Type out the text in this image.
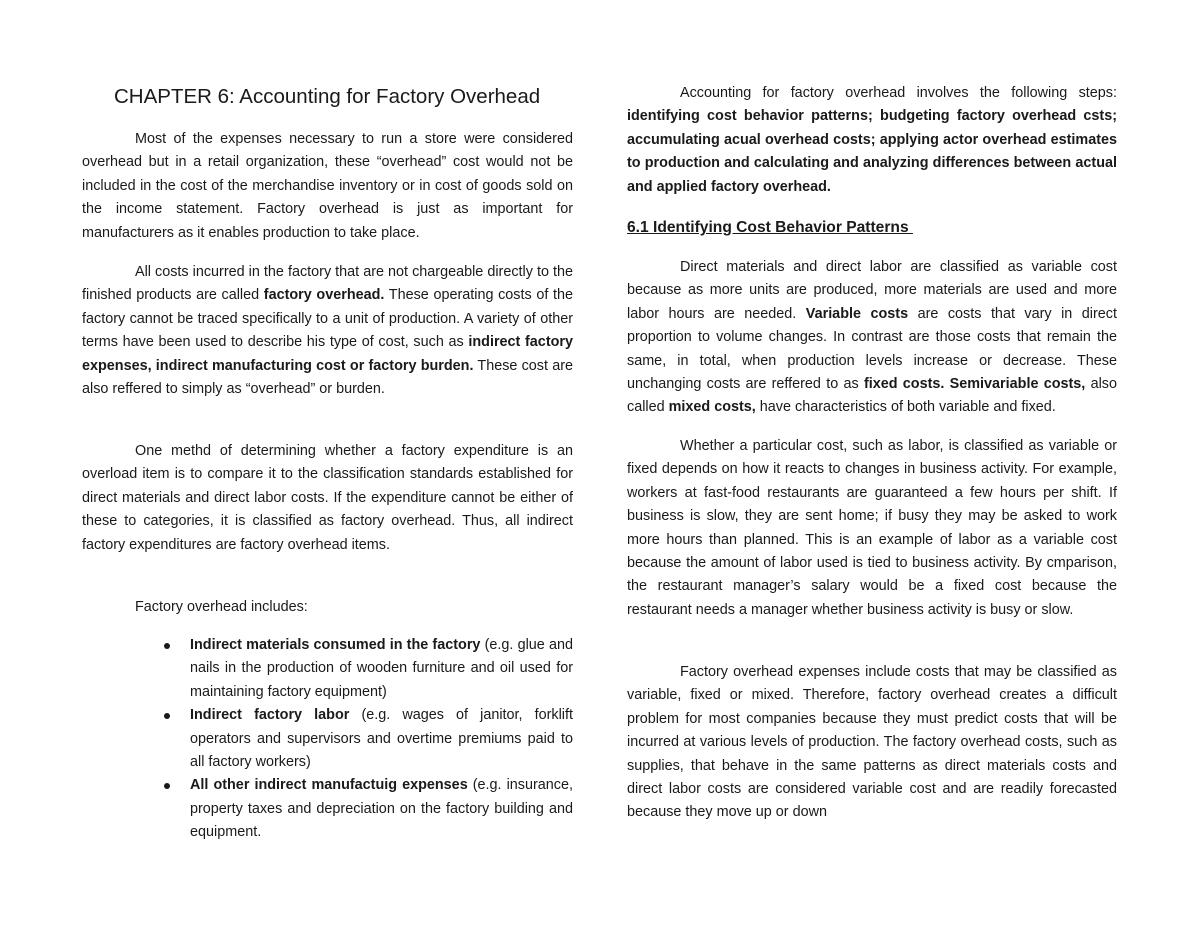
CHAPTER 6: Accounting for Factory Overhead

Most of the expenses necessary to run a store were considered overhead but in a retail organization, these “overhead” cost would not be included in the cost of the merchandise inventory or in cost of goods sold on the income statement. Factory overhead is just as important for manufacturers as it enables production to take place.

All costs incurred in the factory that are not chargeable directly to the finished products are called factory overhead. These operating costs of the factory cannot be traced specifically to a unit of production. A variety of other terms have been used to describe his type of cost, such as indirect factory expenses, indirect manufacturing cost or factory burden. These cost are also reffered to simply as “overhead” or burden.

One methd of determining whether a factory expenditure is an overload item is to compare it to the classification standards established for direct materials and direct labor costs. If the expenditure cannot be either of these to categories, it is classified as factory overhead. Thus, all indirect factory expenditures are factory overhead items.

Factory overhead includes:

Indirect materials consumed in the factory (e.g. glue and nails in the production of wooden furniture and oil used for maintaining factory equipment)
Indirect factory labor (e.g. wages of janitor, forklift operators and supervisors and overtime premiums paid to all factory workers)
All other indirect manufactuig expenses (e.g. insurance, property taxes and depreciation on the factory building and equipment.

Accounting for factory overhead involves the following steps: identifying cost behavior patterns; budgeting factory overhead csts; accumulating acual overhead costs; applying actor overhead estimates to production and calculating and analyzing differences between actual and applied factory overhead.

6.1 Identifying Cost Behavior Patterns

Direct materials and direct labor are classified as variable cost because as more units are produced, more materials are used and more labor hours are needed. Variable costs are costs that vary in direct proportion to volume changes. In contrast are those costs that remain the same, in total, when production levels increase or decrease. These unchanging costs are reffered to as fixed costs. Semivariable costs, also called mixed costs, have characteristics of both variable and fixed.

Whether a particular cost, such as labor, is classified as variable or fixed depends on how it reacts to changes in business activity. For example, workers at fast-food restaurants are guaranteed a few hours per shift. If business is slow, they are sent home; if busy they may be asked to work more hours than planned. This is an example of labor as a variable cost because the amount of labor used is tied to business activity. By cmparison, the restaurant manager’s salary would be a fixed cost because the restaurant needs a manager whether business activity is busy or slow.

Factory overhead expenses include costs that may be classified as variable, fixed or mixed. Therefore, factory overhead creates a difficult problem for most companies because they must predict costs that will be incurred at various levels of production. The factory overhead costs, such as supplies, that behave in the same patterns as direct materials costs and direct labor costs are considered variable cost and are readily forecasted because they move up or down
